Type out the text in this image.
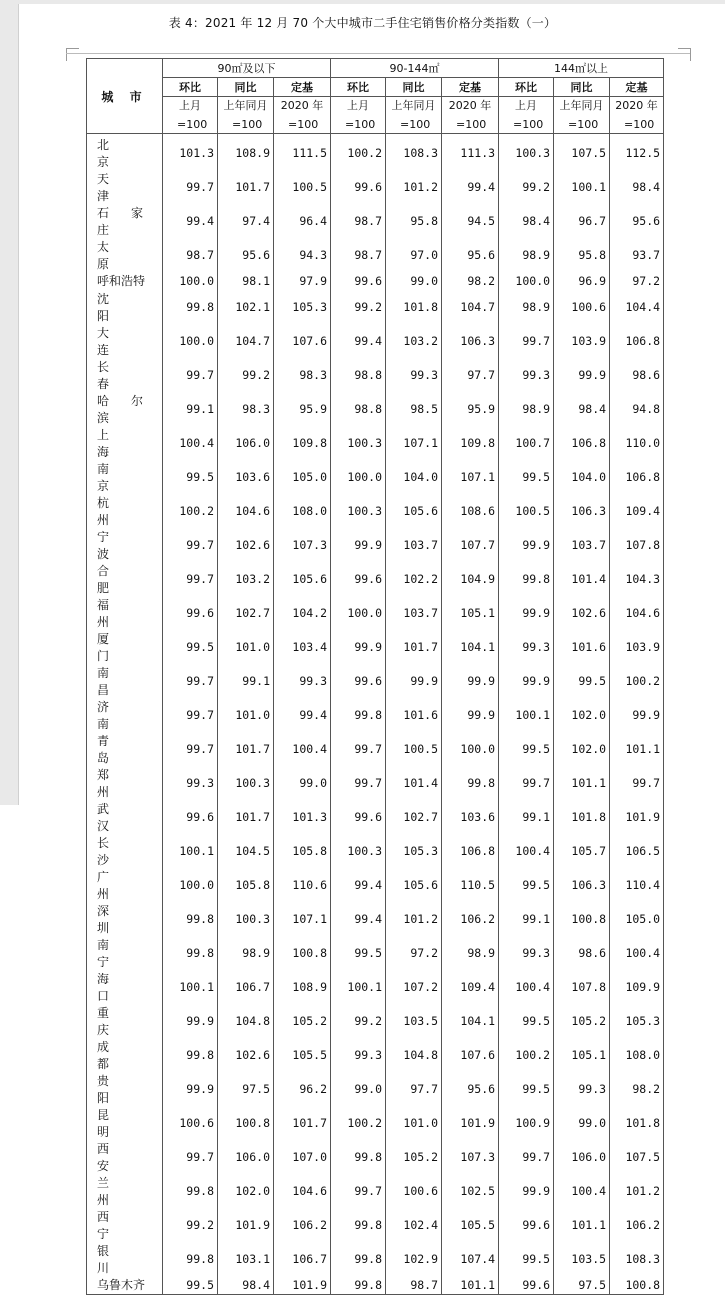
表 4：2021 年 12 月 70 个大中城市二手住宅销售价格分类指数（一）
城 市	90㎡及以下			90-144㎡			144㎡以上		
	环比	同比	定基	环比	同比	定基	环比	同比	定基
	上月	上年同月	2020 年	上月	上年同月	2020 年	上月	上年同月	2020 年
	=100	=100	=100	=100	=100	=100	=100	=100	=100
北京	101.3	108.9	111.5	100.2	108.3	111.3	100.3	107.5	112.5
天津	99.7	101.7	100.5	99.6	101.2	99.4	99.2	100.1	98.4
石家庄	99.4	97.4	96.4	98.7	95.8	94.5	98.4	96.7	95.6
太原	98.7	95.6	94.3	98.7	97.0	95.6	98.9	95.8	93.7
呼和浩特	100.0	98.1	97.9	99.6	99.0	98.2	100.0	96.9	97.2
沈阳	99.8	102.1	105.3	99.2	101.8	104.7	98.9	100.6	104.4
大连	100.0	104.7	107.6	99.4	103.2	106.3	99.7	103.9	106.8
长春	99.7	99.2	98.3	98.8	99.3	97.7	99.3	99.9	98.6
哈尔滨	99.1	98.3	95.9	98.8	98.5	95.9	98.9	98.4	94.8
上海	100.4	106.0	109.8	100.3	107.1	109.8	100.7	106.8	110.0
南京	99.5	103.6	105.0	100.0	104.0	107.1	99.5	104.0	106.8
杭州	100.2	104.6	108.0	100.3	105.6	108.6	100.5	106.3	109.4
宁波	99.7	102.6	107.3	99.9	103.7	107.7	99.9	103.7	107.8
合肥	99.7	103.2	105.6	99.6	102.2	104.9	99.8	101.4	104.3
福州	99.6	102.7	104.2	100.0	103.7	105.1	99.9	102.6	104.6
厦门	99.5	101.0	103.4	99.9	101.7	104.1	99.3	101.6	103.9
南昌	99.7	99.1	99.3	99.6	99.9	99.9	99.9	99.5	100.2
济南	99.7	101.0	99.4	99.8	101.6	99.9	100.1	102.0	99.9
青岛	99.7	101.7	100.4	99.7	100.5	100.0	99.5	102.0	101.1
郑州	99.3	100.3	99.0	99.7	101.4	99.8	99.7	101.1	99.7
武汉	99.6	101.7	101.3	99.6	102.7	103.6	99.1	101.8	101.9
长沙	100.1	104.5	105.8	100.3	105.3	106.8	100.4	105.7	106.5
广州	100.0	105.8	110.6	99.4	105.6	110.5	99.5	106.3	110.4
深圳	99.8	100.3	107.1	99.4	101.2	106.2	99.1	100.8	105.0
南宁	99.8	98.9	100.8	99.5	97.2	98.9	99.3	98.6	100.4
海口	100.1	106.7	108.9	100.1	107.2	109.4	100.4	107.8	109.9
重庆	99.9	104.8	105.2	99.2	103.5	104.1	99.5	105.2	105.3
成都	99.8	102.6	105.5	99.3	104.8	107.6	100.2	105.1	108.0
贵阳	99.9	97.5	96.2	99.0	97.7	95.6	99.5	99.3	98.2
昆明	100.6	100.8	101.7	100.2	101.0	101.9	100.9	99.0	101.8
西安	99.7	106.0	107.0	99.8	105.2	107.3	99.7	106.0	107.5
兰州	99.8	102.0	104.6	99.7	100.6	102.5	99.9	100.4	101.2
西宁	99.2	101.9	106.2	99.8	102.4	105.5	99.6	101.1	106.2
银川	99.8	103.1	106.7	99.8	102.9	107.4	99.5	103.5	108.3
乌鲁木齐	99.5	98.4	101.9	99.8	98.7	101.1	99.6	97.5	100.8
